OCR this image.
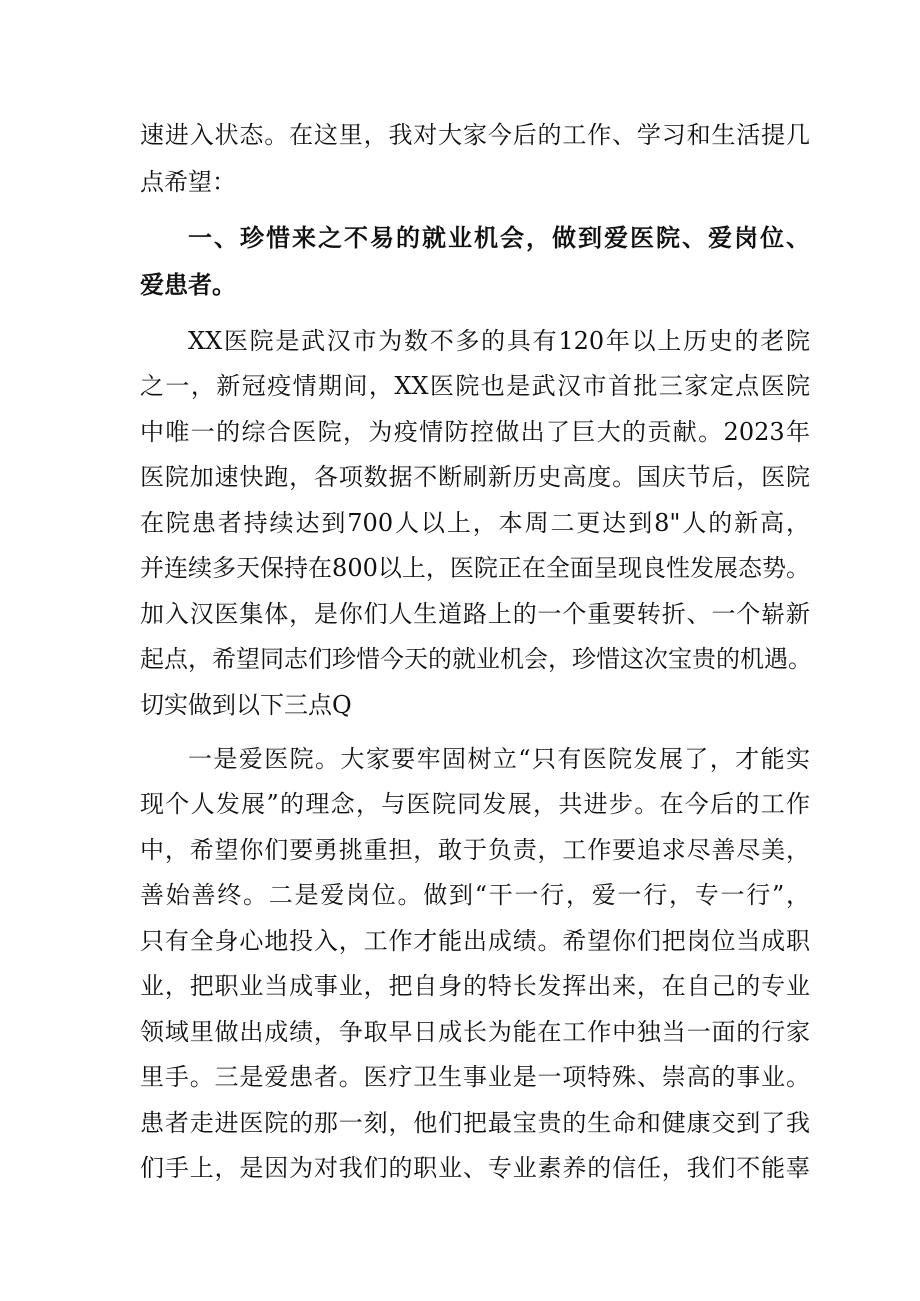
速进入状态。在这里，我对大家今后的工作、学习和生活提几
点希望：
一、珍惜来之不易的就业机会，做到爱医院、爱岗位、
爱患者。
XX医院是武汉市为数不多的具有120年以上历史的老院
之一，新冠疫情期间，XX医院也是武汉市首批三家定点医院
中唯一的综合医院，为疫情防控做出了巨大的贡献。2023年
医院加速快跑，各项数据不断刷新历史高度。国庆节后，医院
在院患者持续达到700人以上，本周二更达到8"人的新高，
并连续多天保持在800以上，医院正在全面呈现良性发展态势。
加入汉医集体，是你们人生道路上的一个重要转折、一个崭新
起点，希望同志们珍惜今天的就业机会，珍惜这次宝贵的机遇。
切实做到以下三点Q
一是爱医院。大家要牢固树立“只有医院发展了，才能实
现个人发展”的理念，与医院同发展，共进步。在今后的工作
中，希望你们要勇挑重担，敢于负责，工作要追求尽善尽美，
善始善终。二是爱岗位。做到“干一行，爱一行，专一行”，
只有全身心地投入，工作才能出成绩。希望你们把岗位当成职
业，把职业当成事业，把自身的特长发挥出来，在自己的专业
领域里做出成绩，争取早日成长为能在工作中独当一面的行家
里手。三是爱患者。医疗卫生事业是一项特殊、崇高的事业。
患者走进医院的那一刻，他们把最宝贵的生命和健康交到了我
们手上，是因为对我们的职业、专业素养的信任，我们不能辜
